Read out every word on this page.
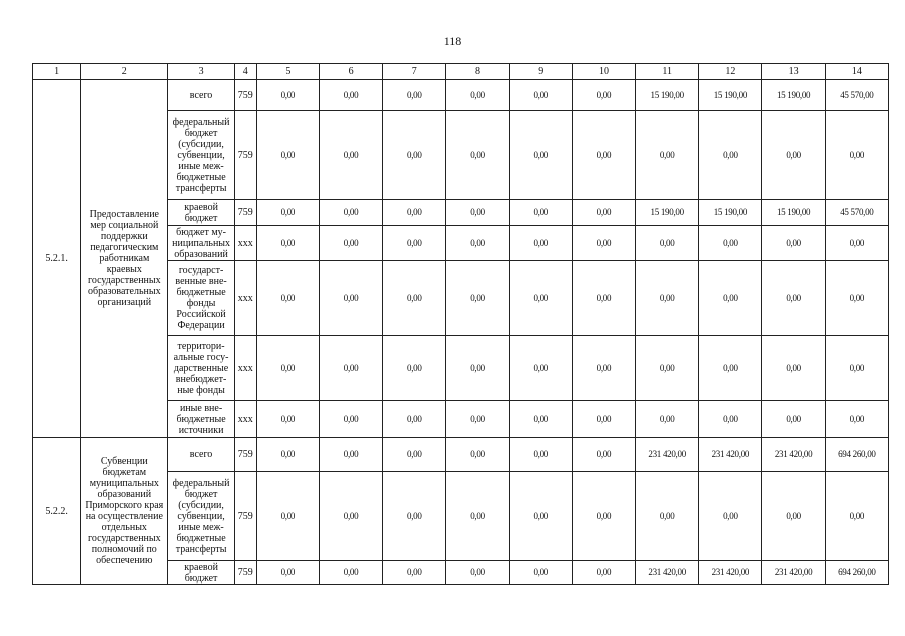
118
1	2	3	4	5	6	7	8	9	10	11	12	13	14
5.2.1.	Предоставление мер социальной поддержки педагогическим работникам краевых государственных образовательных организаций	всего	759	0,00	0,00	0,00	0,00	0,00	0,00	15 190,00	15 190,00	15 190,00	45 570,00
		федеральный бюджет (субсидии, субвенции, иные меж-бюджетные трансферты	759	0,00	0,00	0,00	0,00	0,00	0,00	0,00	0,00	0,00	0,00
		краевой бюджет	759	0,00	0,00	0,00	0,00	0,00	0,00	15 190,00	15 190,00	15 190,00	45 570,00
		бюджет му-ниципальных образований	xxx	0,00	0,00	0,00	0,00	0,00	0,00	0,00	0,00	0,00	0,00
		государст-венные вне-бюджетные фонды Российской Федерации	xxx	0,00	0,00	0,00	0,00	0,00	0,00	0,00	0,00	0,00	0,00
		территори-альные госу-дарственные внебюджет-ные фонды	xxx	0,00	0,00	0,00	0,00	0,00	0,00	0,00	0,00	0,00	0,00
		иные вне-бюджетные источники	xxx	0,00	0,00	0,00	0,00	0,00	0,00	0,00	0,00	0,00	0,00
5.2.2.	Субвенции бюджетам муниципальных образований Приморского края на осуществление отдельных государственных полномочий по обеспечению	всего	759	0,00	0,00	0,00	0,00	0,00	0,00	231 420,00	231 420,00	231 420,00	694 260,00
		федеральный бюджет (субсидии, субвенции, иные меж-бюджетные трансферты	759	0,00	0,00	0,00	0,00	0,00	0,00	0,00	0,00	0,00	0,00
		краевой бюджет	759	0,00	0,00	0,00	0,00	0,00	0,00	231 420,00	231 420,00	231 420,00	694 260,00
